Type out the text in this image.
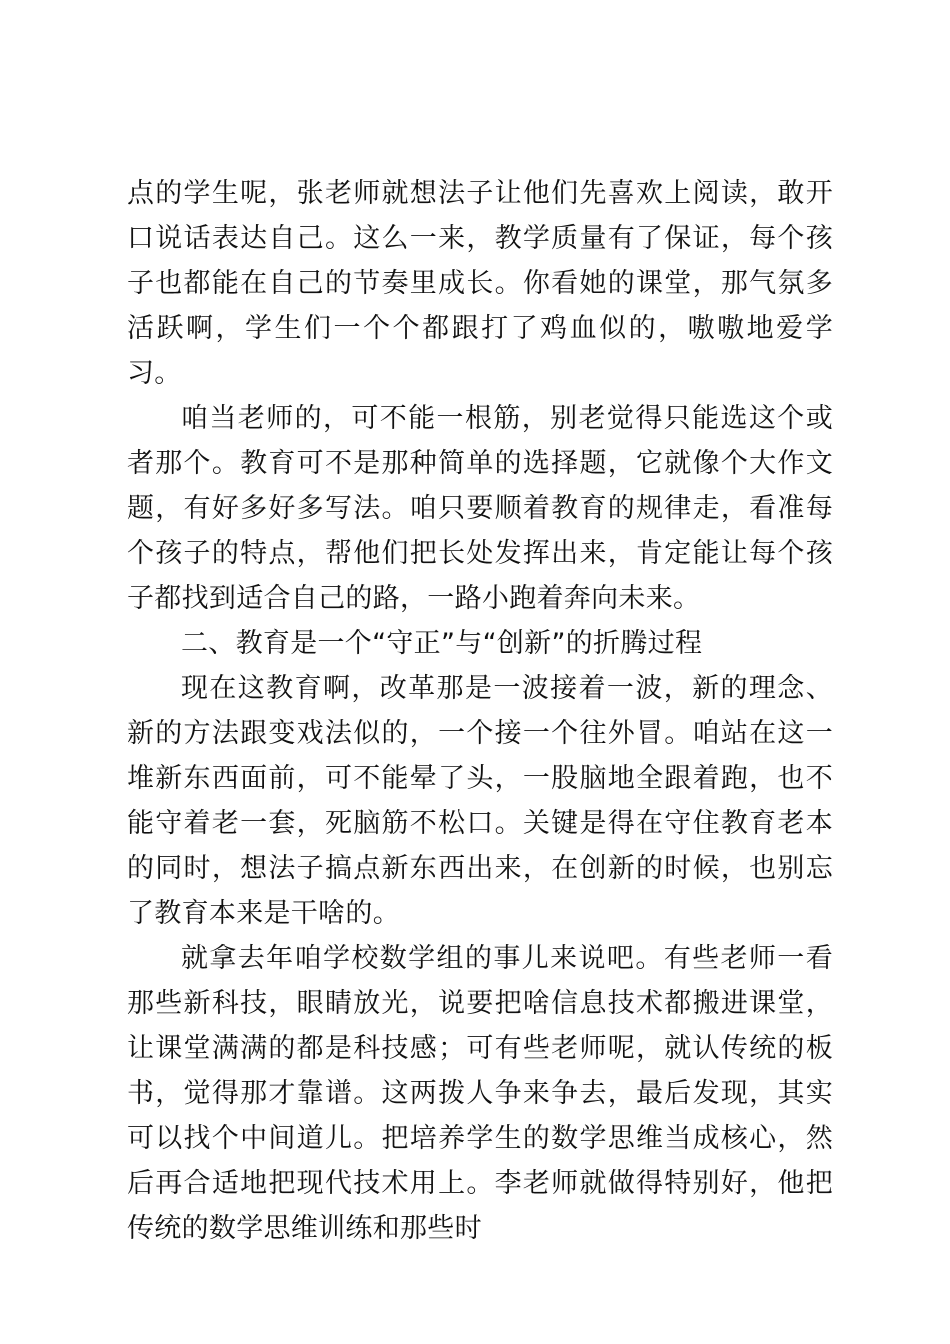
点的学生呢，张老师就想法子让他们先喜欢上阅读，敢开口说话表达自己。这么一来，教学质量有了保证，每个孩子也都能在自己的节奏里成长。你看她的课堂，那气氛多活跃啊，学生们一个个都跟打了鸡血似的，嗷嗷地爱学习。

咱当老师的，可不能一根筋，别老觉得只能选这个或者那个。教育可不是那种简单的选择题，它就像个大作文题，有好多好多写法。咱只要顺着教育的规律走，看准每个孩子的特点，帮他们把长处发挥出来，肯定能让每个孩子都找到适合自己的路，一路小跑着奔向未来。

二、教育是一个“守正”与“创新”的折腾过程

现在这教育啊，改革那是一波接着一波，新的理念、新的方法跟变戏法似的，一个接一个往外冒。咱站在这一堆新东西面前，可不能晕了头，一股脑地全跟着跑，也不能守着老一套，死脑筋不松口。关键是得在守住教育老本的同时，想法子搞点新东西出来，在创新的时候，也别忘了教育本来是干啥的。

就拿去年咱学校数学组的事儿来说吧。有些老师一看那些新科技，眼睛放光，说要把啥信息技术都搬进课堂，让课堂满满的都是科技感；可有些老师呢，就认传统的板书，觉得那才靠谱。这两拨人争来争去，最后发现，其实可以找个中间道儿。把培养学生的数学思维当成核心，然后再合适地把现代技术用上。李老师就做得特别好，他把传统的数学思维训练和那些时
